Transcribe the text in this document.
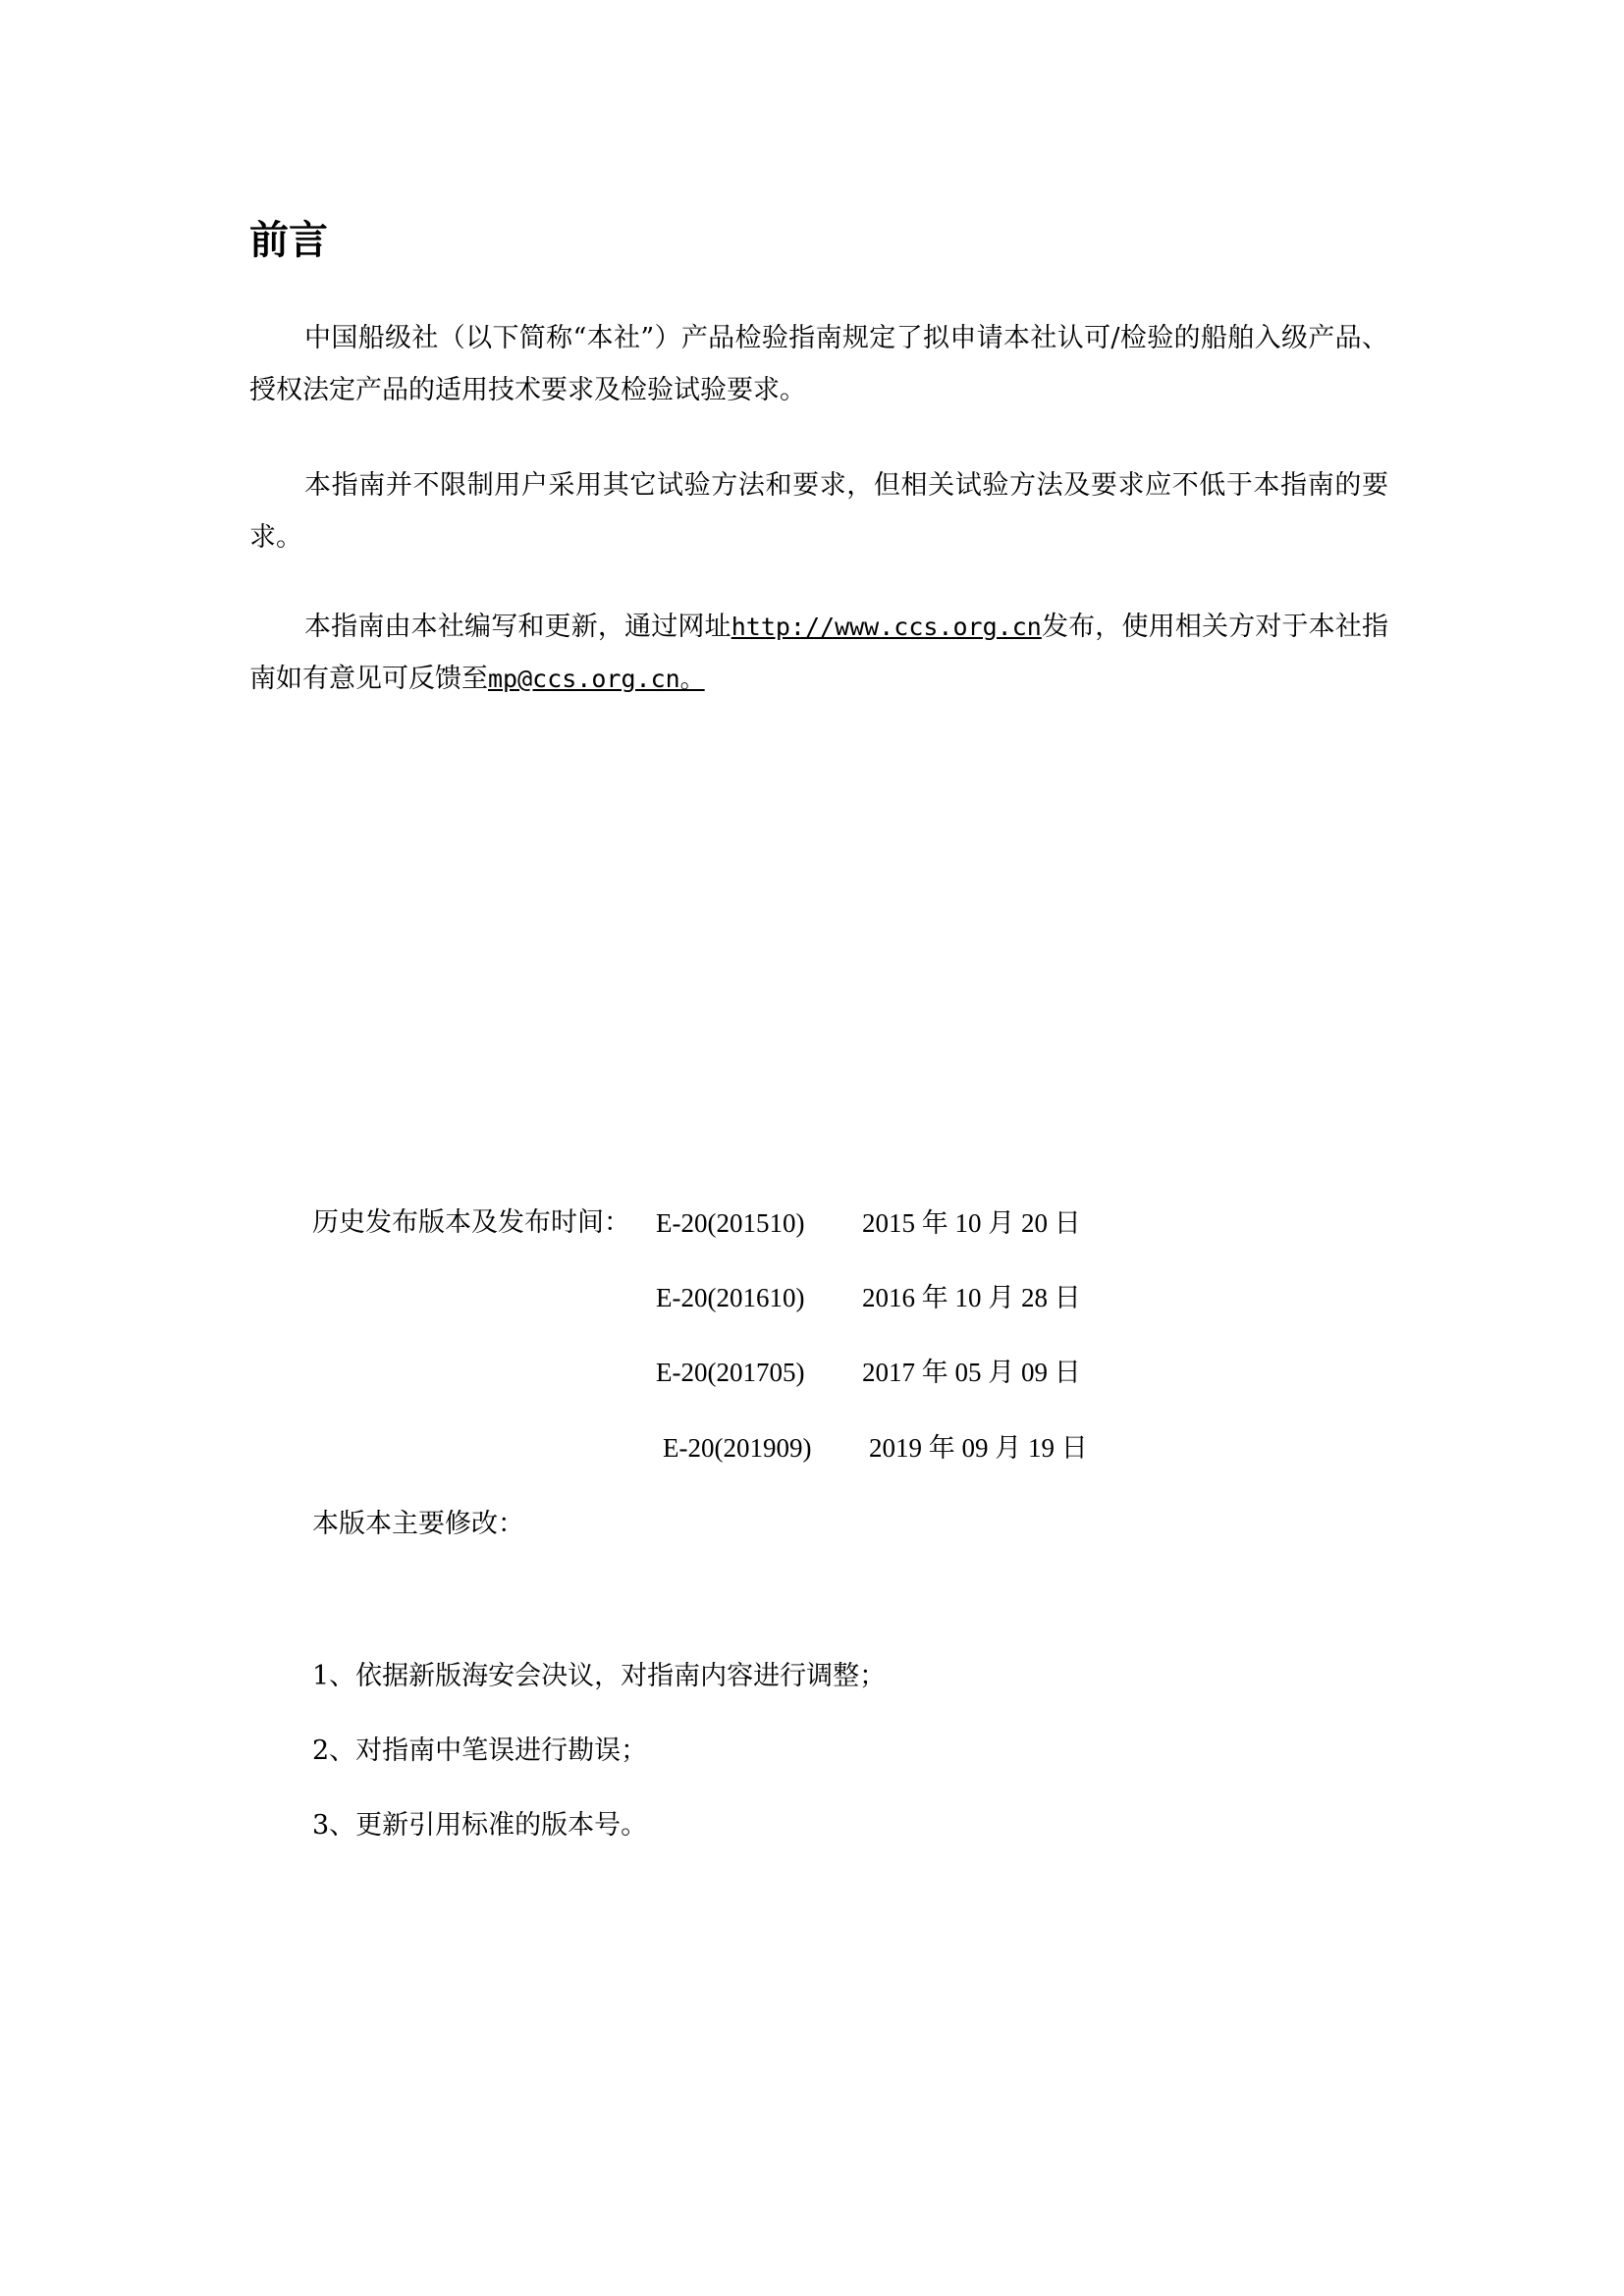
前言

中国船级社（以下简称“本社”）产品检验指南规定了拟申请本社认可/检验的船舶入级产品、授权法定产品的适用技术要求及检验试验要求。

本指南并不限制用户采用其它试验方法和要求，但相关试验方法及要求应不低于本指南的要求。

本指南由本社编写和更新，通过网址http://www.ccs.org.cn发布，使用相关方对于本社指南如有意见可反馈至mp@ccs.org.cn。

历史发布版本及发布时间： E-20(201510) 2015 年 10 月 20 日
E-20(201610) 2016 年 10 月 28 日
E-20(201705) 2017 年 05 月 09 日
E-20(201909) 2019 年 09 月 19 日
本版本主要修改：
1、依据新版海安会决议，对指南内容进行调整；
2、对指南中笔误进行勘误；
3、更新引用标准的版本号。
